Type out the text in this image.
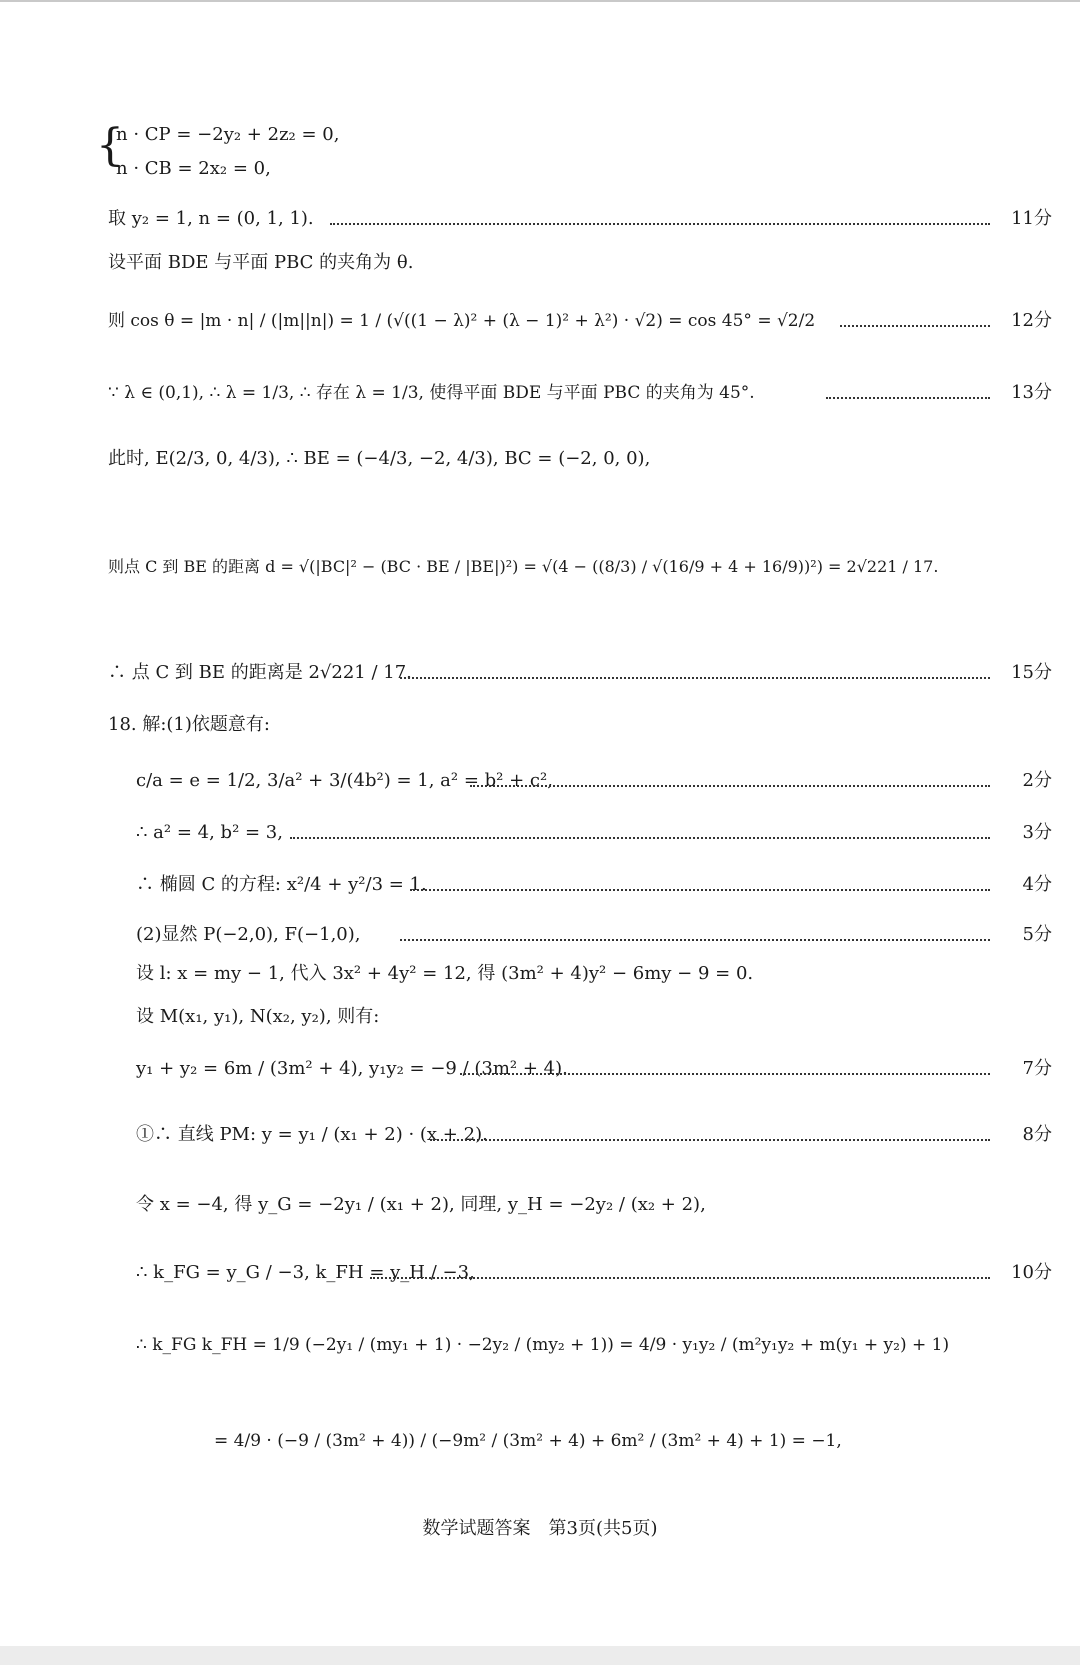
{
n · CP = −2y₂ + 2z₂ = 0,
n · CB = 2x₂ = 0,
取 y₂ = 1, n = (0, 1, 1).	11分
设平面 BDE 与平面 PBC 的夹角为 θ.
则 cos θ = |m · n| / (|m||n|) = 1 / (√((1 − λ)² + (λ − 1)² + λ²) · √2) = cos 45° = √2/2	12分
∵ λ ∈ (0,1), ∴ λ = 1/3, ∴ 存在 λ = 1/3, 使得平面 BDE 与平面 PBC 的夹角为 45°.	13分
此时, E(2/3, 0, 4/3), ∴ BE = (−4/3, −2, 4/3), BC = (−2, 0, 0),
则点 C 到 BE 的距离 d = √(|BC|² − (BC · BE / |BE|)²) = √(4 − ((8/3) / √(16/9 + 4 + 16/9))²) = 2√221 / 17.
∴ 点 C 到 BE 的距离是 2√221 / 17.	15分
18. 解:(1)依题意有:
c/a = e = 1/2, 3/a² + 3/(4b²) = 1, a² = b² + c²,	2分
∴ a² = 4, b² = 3,	3分
∴ 椭圆 C 的方程: x²/4 + y²/3 = 1.	4分
(2)显然 P(−2,0), F(−1,0),	5分
设 l: x = my − 1, 代入 3x² + 4y² = 12, 得 (3m² + 4)y² − 6my − 9 = 0.
设 M(x₁, y₁), N(x₂, y₂), 则有:
y₁ + y₂ = 6m / (3m² + 4), y₁y₂ = −9 / (3m² + 4).	7分
①∴ 直线 PM: y = y₁ / (x₁ + 2) · (x + 2).	8分
令 x = −4, 得 y_G = −2y₁ / (x₁ + 2), 同理, y_H = −2y₂ / (x₂ + 2),
∴ k_FG = y_G / −3, k_FH = y_H / −3,	10分
∴ k_FG k_FH = 1/9 (−2y₁ / (my₁ + 1) · −2y₂ / (my₂ + 1)) = 4/9 · y₁y₂ / (m²y₁y₂ + m(y₁ + y₂) + 1)
= 4/9 · (−9 / (3m² + 4)) / (−9m² / (3m² + 4) + 6m² / (3m² + 4) + 1) = −1,
数学试题答案　第3页(共5页)
